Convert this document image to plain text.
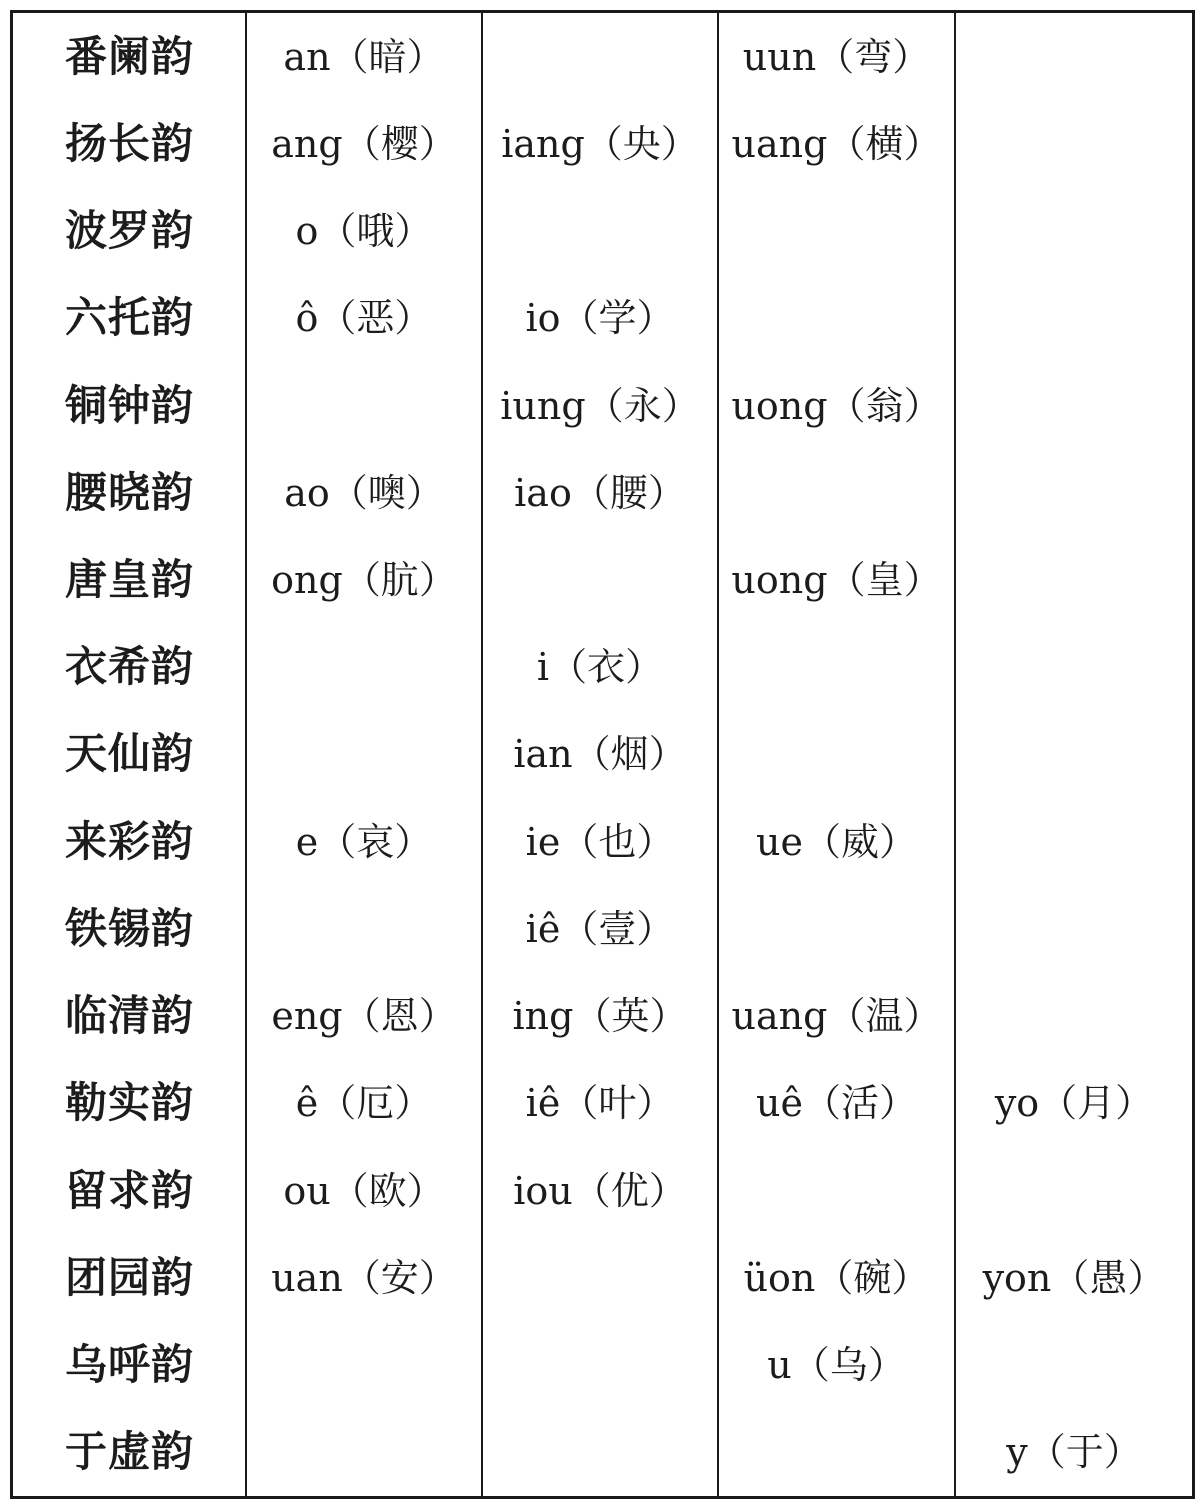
番阑韵	an（暗）		uun（弯）	
扬长韵	ang（樱）	iang（央）	uang（横）	
波罗韵	o（哦）			
六托韵	ô（恶）	io（学）		
铜钟韵		iung（永）	uong（翁）	
腰晓韵	ao（噢）	iao（腰）		
唐皇韵	ong（肮）		uong（皇）	
衣希韵		i（衣）		
天仙韵		ian（烟）		
来彩韵	e（哀）	ie（也）	ue（威）	
铁锡韵		iê（壹）		
临清韵	eng（恩）	ing（英）	uang（温）	
勒实韵	ê（厄）	iê（叶）	uê（活）	yo（月）
留求韵	ou（欧）	iou（优）		
团园韵	uan（安）		üon（碗）	yon（愚）
乌呼韵			u（乌）	
于虚韵				y（于）
